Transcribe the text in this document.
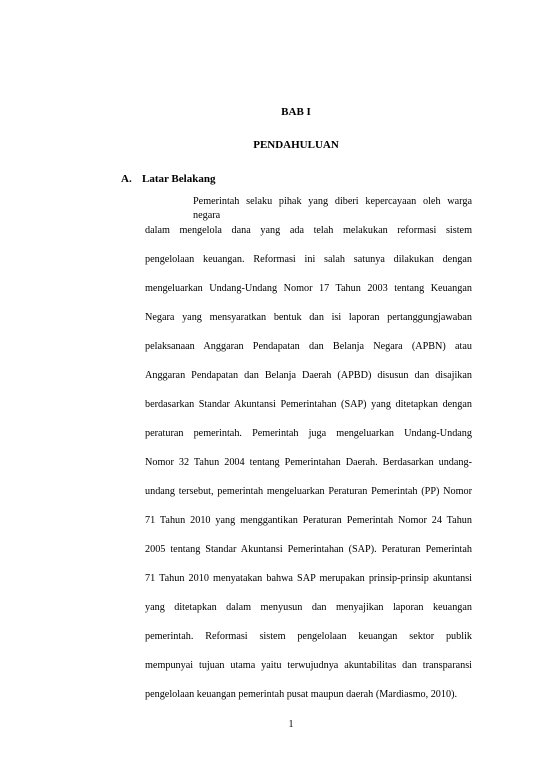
BAB I
PENDAHULUAN
A. Latar Belakang
Pemerintah selaku pihak yang diberi kepercayaan oleh warga negara
dalam mengelola dana yang ada telah melakukan reformasi sistem
pengelolaan keuangan. Reformasi ini salah satunya dilakukan dengan
mengeluarkan Undang-Undang Nomor 17 Tahun 2003 tentang Keuangan
Negara yang mensyaratkan bentuk dan isi laporan pertanggungjawaban
pelaksanaan Anggaran Pendapatan dan Belanja Negara (APBN) atau
Anggaran Pendapatan dan Belanja Daerah (APBD) disusun dan disajikan
berdasarkan Standar Akuntansi Pemerintahan (SAP) yang ditetapkan dengan
peraturan pemerintah. Pemerintah juga mengeluarkan Undang-Undang
Nomor 32 Tahun 2004 tentang Pemerintahan Daerah. Berdasarkan undang-
undang tersebut, pemerintah mengeluarkan Peraturan Pemerintah (PP) Nomor
71 Tahun 2010 yang menggantikan Peraturan Pemerintah Nomor 24 Tahun
2005 tentang Standar Akuntansi Pemerintahan (SAP). Peraturan Pemerintah
71 Tahun 2010 menyatakan bahwa SAP merupakan prinsip-prinsip akuntansi
yang ditetapkan dalam menyusun dan menyajikan laporan keuangan
pemerintah. Reformasi sistem pengelolaan keuangan sektor publik
mempunyai tujuan utama yaitu terwujudnya akuntabilitas dan transparansi
pengelolaan keuangan pemerintah pusat maupun daerah (Mardiasmo, 2010).
1
